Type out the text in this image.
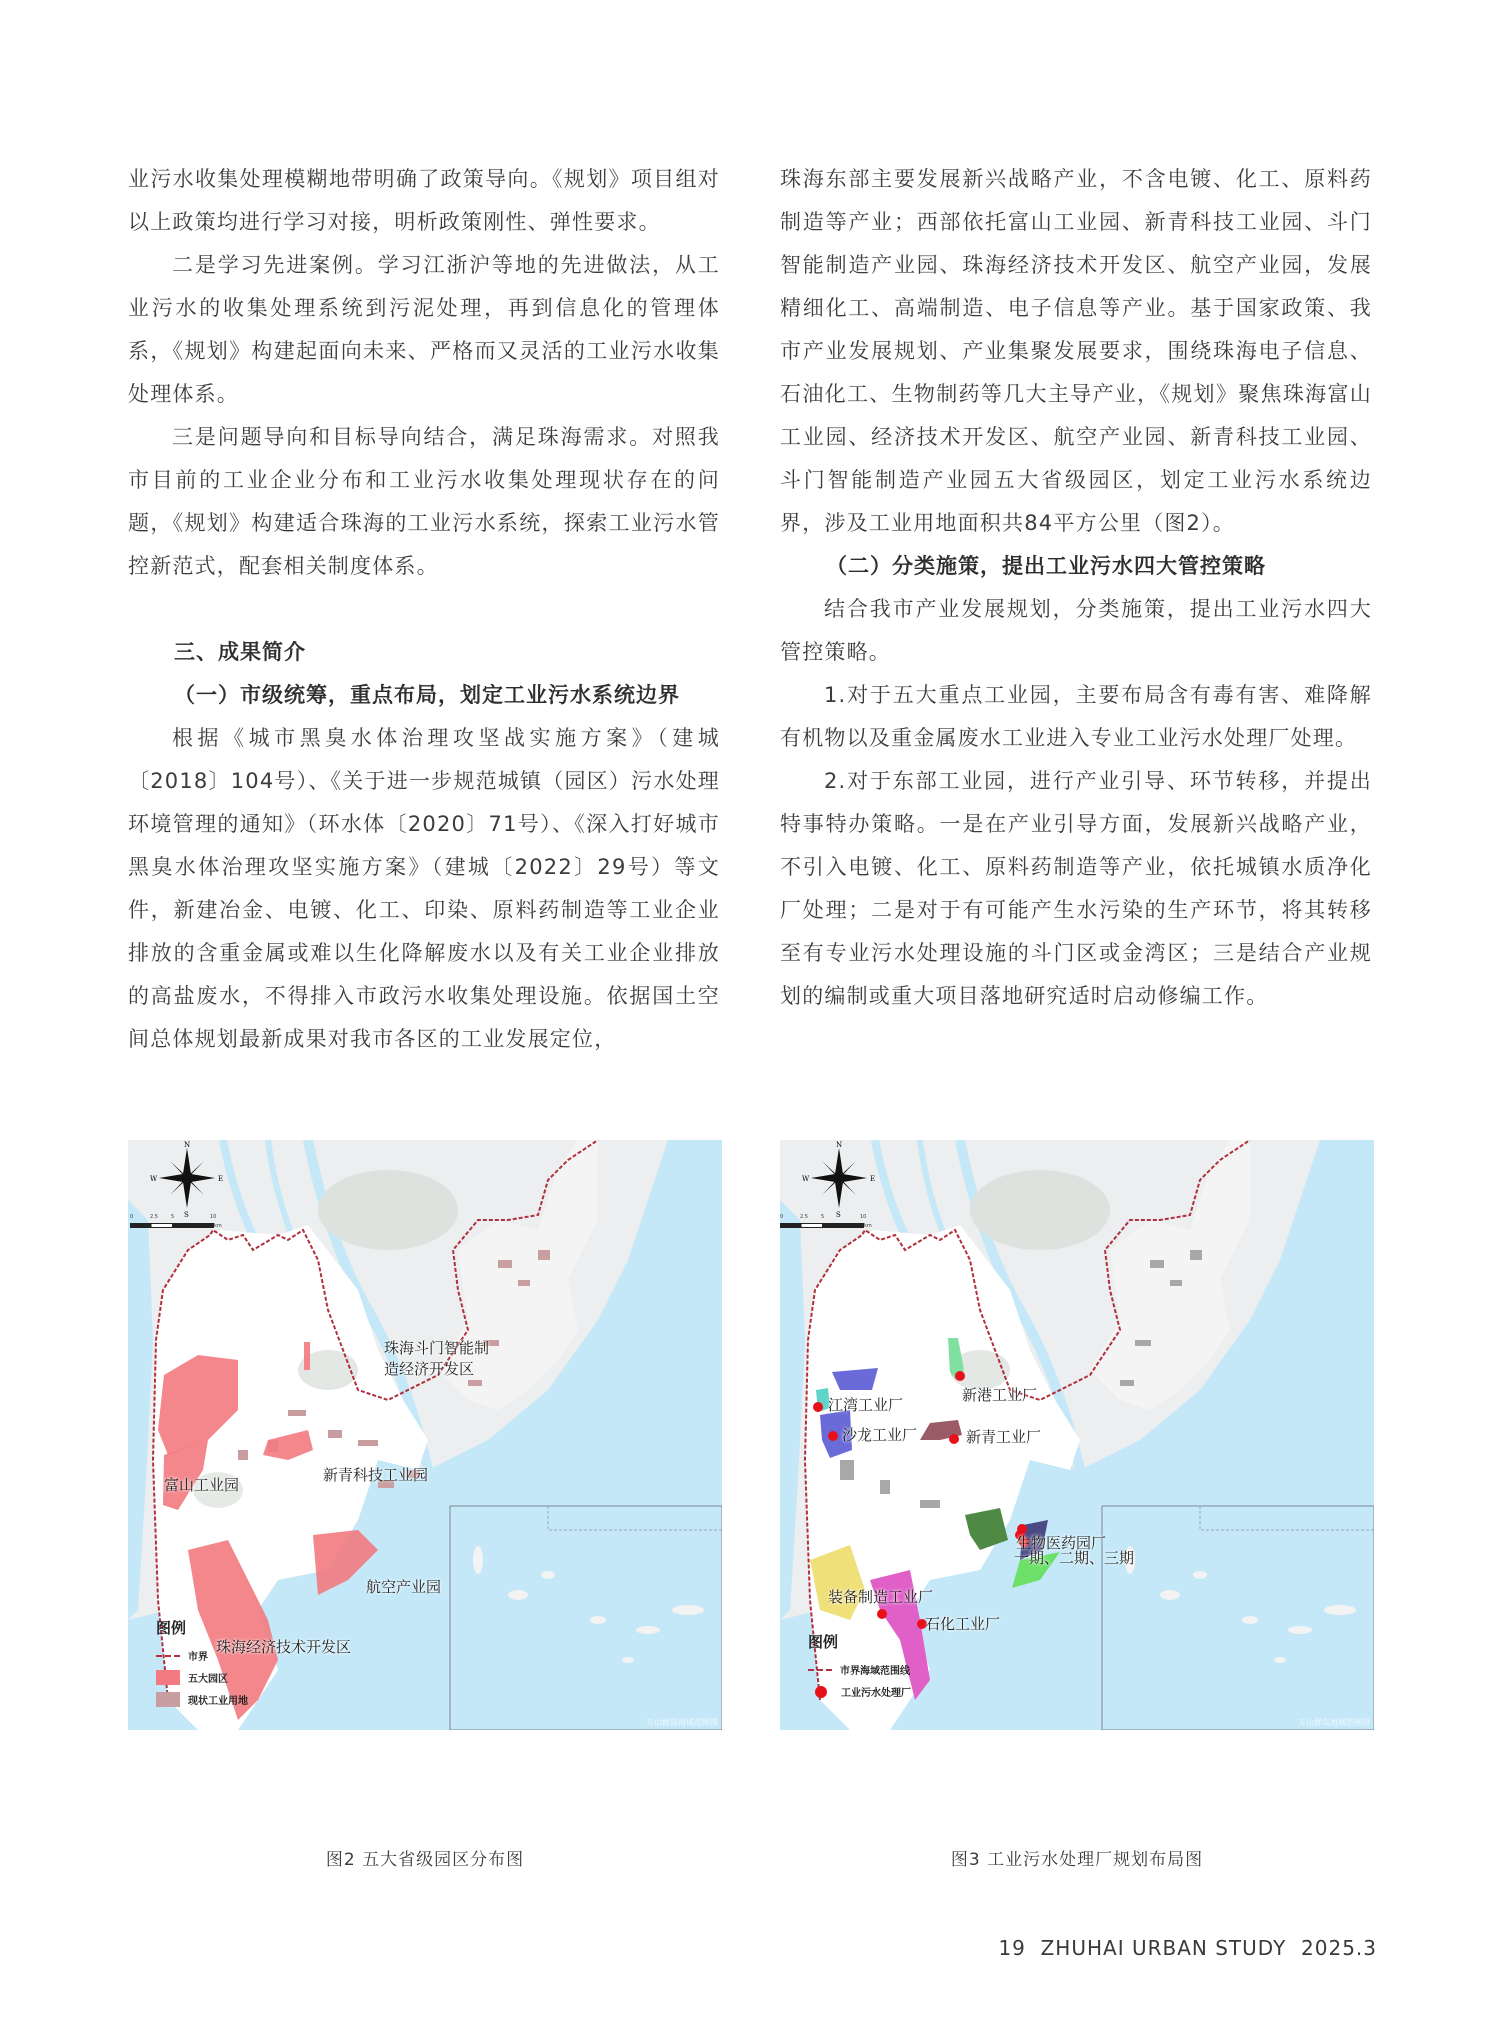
业污水收集处理模糊地带明确了政策导向。《规划》项目组对以上政策均进行学习对接，明析政策刚性、弹性要求。

二是学习先进案例。学习江浙沪等地的先进做法，从工业污水的收集处理系统到污泥处理，再到信息化的管理体系，《规划》构建起面向未来、严格而又灵活的工业污水收集处理体系。

三是问题导向和目标导向结合，满足珠海需求。对照我市目前的工业企业分布和工业污水收集处理现状存在的问题，《规划》构建适合珠海的工业污水系统，探索工业污水管控新范式，配套相关制度体系。

三、成果简介
（一）市级统筹，重点布局，划定工业污水系统边界

根据《城市黑臭水体治理攻坚战实施方案》（建城〔2018〕104号）、《关于进一步规范城镇（园区）污水处理环境管理的通知》（环水体〔2020〕71号）、《深入打好城市黑臭水体治理攻坚实施方案》（建城〔2022〕29号）等文件，新建冶金、电镀、化工、印染、原料药制造等工业企业排放的含重金属或难以生化降解废水以及有关工业企业排放的高盐废水，不得排入市政污水收集处理设施。依据国土空间总体规划最新成果对我市各区的工业发展定位，

珠海东部主要发展新兴战略产业，不含电镀、化工、原料药制造等产业；西部依托富山工业园、新青科技工业园、斗门智能制造产业园、珠海经济技术开发区、航空产业园，发展精细化工、高端制造、电子信息等产业。基于国家政策、我市产业发展规划、产业集聚发展要求，围绕珠海电子信息、石油化工、生物制药等几大主导产业，《规划》聚焦珠海富山工业园、经济技术开发区、航空产业园、新青科技工业园、斗门智能制造产业园五大省级园区，划定工业污水系统边界，涉及工业用地面积共84平方公里（图2）。

（二）分类施策，提出工业污水四大管控策略

结合我市产业发展规划，分类施策，提出工业污水四大管控策略。

1.对于五大重点工业园，主要布局含有毒有害、难降解有机物以及重金属废水工业进入专业工业污水处理厂处理。

2.对于东部工业园，进行产业引导、环节转移，并提出特事特办策略。一是在产业引导方面，发展新兴战略产业，不引入电镀、化工、原料药制造等产业，依托城镇水质净化厂处理；二是对于有可能产生水污染的生产环节，将其转移至有专业污水处理设施的斗门区或金湾区；三是结合产业规划的编制或重大项目落地研究适时启动修编工作。

N
S
W	E
0	2.5	5	10
km
珠海斗门智能制
造经济开发区
新青科技工业园
富山工业园
航空产业园
珠海经济技术开发区
图例
市界
五大园区
现状工业用地
万山群岛海域范围图
图2 五大省级园区分布图
N
S
W	E
0	2.5	5	10
km
新港工业厂
江湾工业厂
沙龙工业厂	新青工业厂
生物医药园厂
一期、二期、三期
装备制造工业厂
石化工业厂
图例
市界海域范围线
工业污水处理厂
万山群岛海域范围图
图3 工业污水处理厂规划布局图
19 ZHUHAI URBAN STUDY 2025.3
